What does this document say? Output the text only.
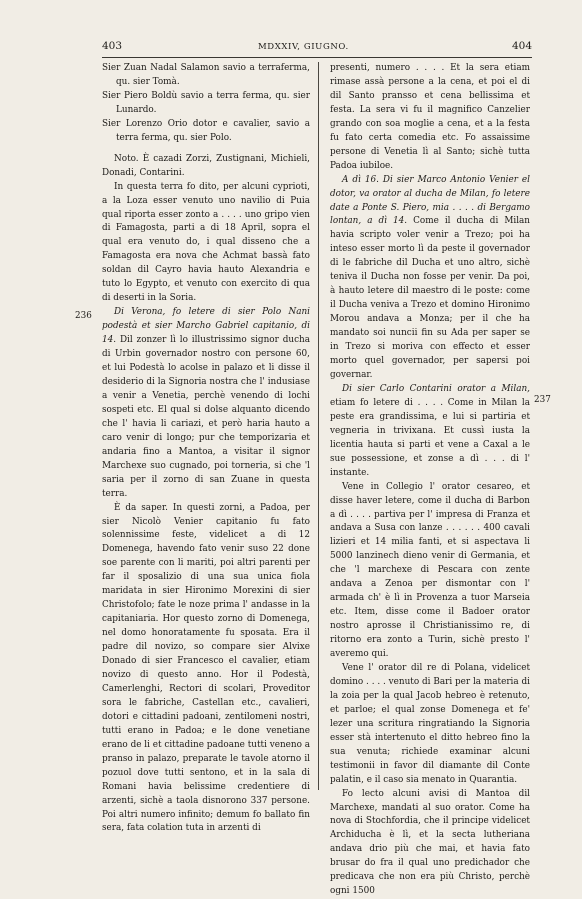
403	MDXXIV, GIUGNO.	404
236
237

Sier Zuan Nadal Salamon savio a terraferma, qu. sier Tomà.

Sier Piero Boldù savio a terra ferma, qu. sier Lunardo.

Sier Lorenzo Orio dotor e cavalier, savio a terra ferma, qu. sier Polo.

Noto. È cazadi Zorzi, Zustignani, Michieli, Donadi, Contarini.

In questa terra fo dito, per alcuni cyprioti, a la Loza esser venuto uno navilio di Puia qual riporta esser zonto a . . . . uno gripo vien di Famagosta, parti a di 18 April, sopra el qual era venuto do, i qual disseno che a Famagosta era nova che Achmat bassà fato soldan dil Cayro havia hauto Alexandria e tuto lo Egypto, et venuto con exercito di qua di deserti in la Soria.

Di Verona, fo letere di sier Polo Nani podestà et sier Marcho Gabriel capitanio, di 14. Dil zonzer lì lo illustrissimo signor ducha di Urbin governador nostro con persone 60, et lui Podestà lo acolse in palazo et li disse il desiderio di la Signoria nostra che l' indusiase a venir a Venetia, perchè venendo di lochi sospeti etc. El qual si dolse alquanto dicendo che l' havia li cariazi, et però haria hauto a caro venir di longo; pur che temporizaria et andaria fino a Mantoa, a visitar il signor Marchexe suo cugnado, poi torneria, si che 'l saria per il zorno di san Zuane in questa terra.

È da saper. In questi zorni, a Padoa, per sier Nicolò Venier capitanio fu fato solennissime feste, videlicet a di 12 Domenega, havendo fato venir suso 22 done soe parente con li mariti, poi altri parenti per far il sposalizio di una sua unica fiola maridata in sier Hironimo Morexini di sier Christofolo; fate le noze prima l' andasse in la capitaniaria. Hor questo zorno di Domenega, nel domo honoratamente fu sposata. Era il padre dil novizo, so compare sier Alvixe Donado di sier Francesco el cavalier, etiam novizo di questo anno. Hor il Podestà, Camerlenghi, Rectori di scolari, Proveditor sora le fabriche, Castellan etc., cavalieri, dotori e cittadini padoani, zentilomeni nostri, tutti erano in Padoa; e le done venetiane erano de li et cittadine padoane tutti veneno a pranso in palazo, preparate le tavole atorno il pozuol dove tutti sentono, et in la sala di Romani havia belissime credentiere di arzenti, sichè a taola disnorono 337 persone. Poi altri numero infinito; demum fo ballato fin sera, fata colation tuta in arzenti di

presenti, numero . . . . Et la sera etiam rimase assà persone a la cena, et poi el di dil Santo pransso et cena bellissima et festa. La sera vi fu il magnifico Canzelier grando con soa moglie a cena, et a la festa fu fato certa comedia etc. Fo assaissime persone di Venetia lì al Santo; sichè tutta Padoa iubiloe.

A dì 16. Di sier Marco Antonio Venier el dotor, va orator al ducha de Milan, fo letere date a Ponte S. Piero, mia . . . . di Bergamo lontan, a dì 14. Come il ducha di Milan havia scripto voler venir a Trezo; poi ha inteso esser morto lì da peste il governador di le fabriche dil Ducha et uno altro, sichè teniva il Ducha non fosse per venir. Da poi, à hauto letere dil maestro di le poste: come il Ducha veniva a Trezo et domino Hironimo Morou andava a Monza; per il che ha mandato soi nuncii fin su Ada per saper se in Trezo si moriva con effecto et esser morto quel governador, per sapersi poi governar.

Di sier Carlo Contarini orator a Milan, etiam fo letere di . . . . Come in Milan la peste era grandissima, e lui si partiria et vegneria in trivixana. Et cussì iusta la licentia hauta si parti et vene a Caxal a le sue possessione, et zonse a dì . . . di l' instante.

Vene in Collegio l' orator cesareo, et disse haver letere, come il ducha di Barbon a dì . . . . partiva per l' impresa di Franza et andava a Susa con lanze . . . . . . 400 cavali lizieri et 14 milia fanti, et si aspectava li 5000 lanzinech dieno venir di Germania, et che 'l marchexe di Pescara con zente andava a Zenoa per dismontar con l' armada ch' è lì in Provenza a tuor Marseia etc. Item, disse come il Badoer orator nostro aprosse il Christianissimo re, di ritorno era zonto a Turin, sichè presto l' averemo qui.

Vene l' orator dil re di Polana, videlicet domino . . . . venuto di Bari per la materia di la zoia per la qual Jacob hebreo è retenuto, et parloe; el qual zonse Domenega et fe' lezer una scritura ringratiando la Signoria esser stà intertenuto el ditto hebreo fino la sua venuta; richiede examinar alcuni testimonii in favor dil diamante dil Conte palatin, e il caso sia menato in Quarantia.

Fo lecto alcuni avisi di Mantoa dil Marchexe, mandati al suo orator. Come ha nova di Stochfordia, che il principe videlicet Archiducha è lì, et la secta lutheriana andava drio più che mai, et havia fato brusar do fra il qual uno predichador che predicava che non era più Christo, perchè ogni 1500
